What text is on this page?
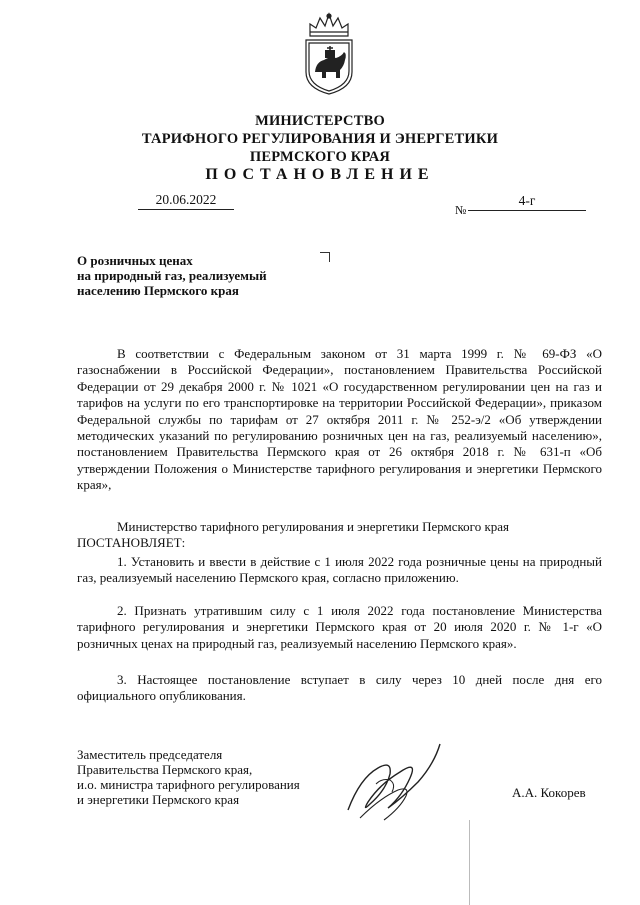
МИНИСТЕРСТВО
ТАРИФНОГО РЕГУЛИРОВАНИЯ И ЭНЕРГЕТИКИ
ПЕРМСКОГО КРАЯ
ПОСТАНОВЛЕНИЕ
20.06.2022
№
4-г
О розничных ценах
на природный газ, реализуемый
населению Пермского края
В соответствии с Федеральным законом от 31 марта 1999 г. № 69-ФЗ «О газоснабжении в Российской Федерации», постановлением Правительства Российской Федерации от 29 декабря 2000 г. № 1021 «О государственном регулировании цен на газ и тарифов на услуги по его транспортировке на территории Российской Федерации», приказом Федеральной службы по тарифам от 27 октября 2011 г. № 252-э/2 «Об утверждении методических указаний по регулированию розничных цен на газ, реализуемый населению», постановлением Правительства Пермского края от 26 октября 2018 г. № 631-п «Об утверждении Положения о Министерстве тарифного регулирования и энергетики Пермского края»,
Министерство тарифного регулирования и энергетики Пермского края
ПОСТАНОВЛЯЕТ:
1. Установить и ввести в действие с 1 июля 2022 года розничные цены на природный газ, реализуемый населению Пермского края, согласно приложению.
2. Признать утратившим силу с 1 июля 2022 года постановление Министерства тарифного регулирования и энергетики Пермского края от 20 июля 2020 г. № 1-г «О розничных ценах на природный газ, реализуемый населению Пермского края».
3. Настоящее постановление вступает в силу через 10 дней после дня его официального опубликования.
Заместитель председателя
Правительства Пермского края,
и.о. министра тарифного регулирования
и энергетики Пермского края	А.А. Кокорев
